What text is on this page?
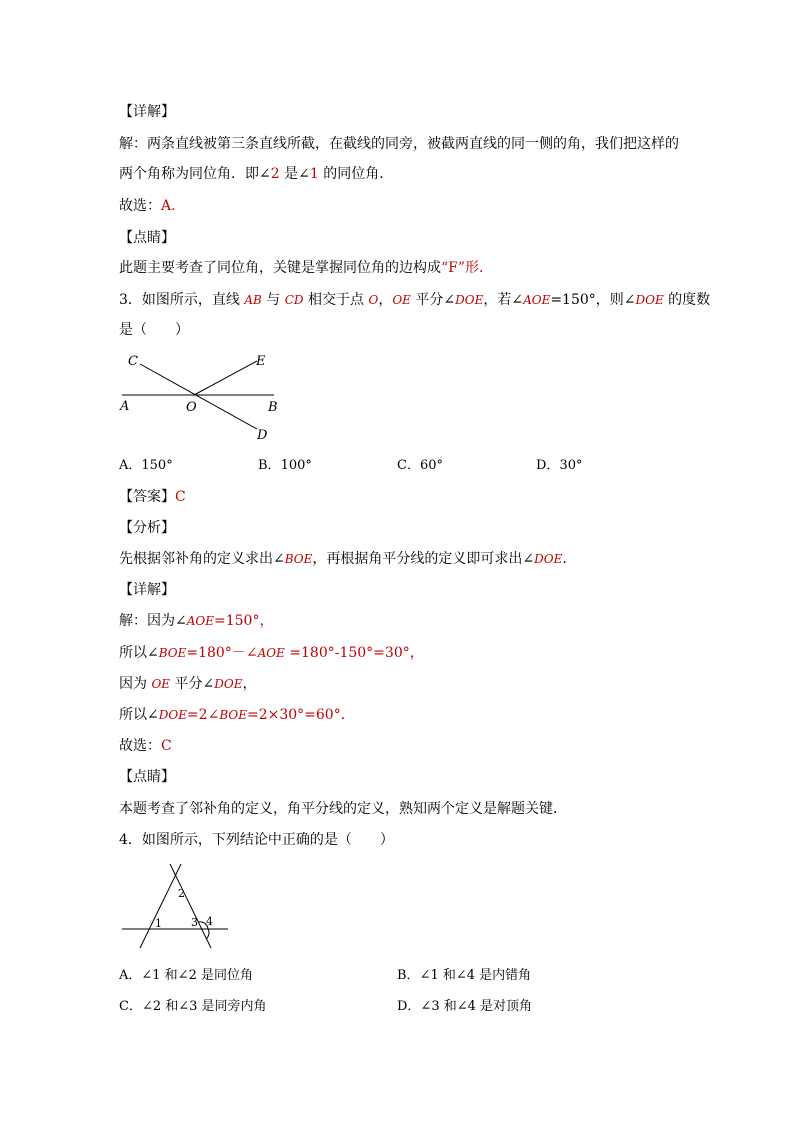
【详解】
解：两条直线被第三条直线所截，在截线的同旁，被截两直线的同一侧的角，我们把这样的
两个角称为同位角．即∠2 是∠1 的同位角．
故选：A．
【点睛】
此题主要考查了同位角，关键是掌握同位角的边构成“F”形．
3．如图所示，直线 AB 与 CD 相交于点 O，OE 平分∠DOE，若∠AOE=150°，则∠DOE 的度数
是（　　）
C	E
A	O	B
D
A．150°	B．100°	C．60°	D．30°
【答案】C
【分析】
先根据邻补角的定义求出∠BOE，再根据角平分线的定义即可求出∠DOE．
【详解】
解：因为∠AOE=150°，
所以∠BOE=180°－∠AOE =180°-150°=30°，
因为 OE 平分∠DOE，
所以∠DOE=2∠BOE=2×30°=60°．
故选：C
【点睛】
本题考查了邻补角的定义，角平分线的定义，熟知两个定义是解题关键．
4．如图所示，下列结论中正确的是（　　）
1
2
3 4
A．∠1 和∠2 是同位角	B．∠1 和∠4 是内错角
C．∠2 和∠3 是同旁内角	D．∠3 和∠4 是对顶角
